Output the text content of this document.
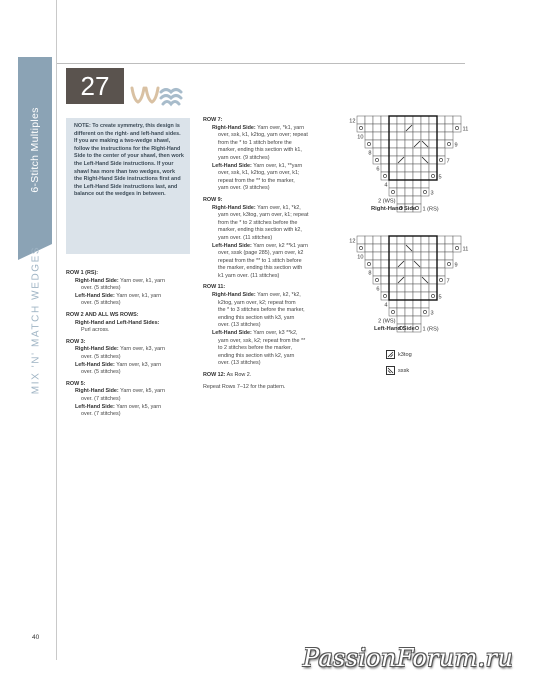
6-Stitch Multiples
MIX 'N' MATCH WEDGES
27

NOTE: To create symmetry, this design is different on the right- and left-hand sides. If you are making a two-wedge shawl, follow the instructions for the Right-Hand Side to the center of your shawl, then work the Left-Hand Side instructions. If your shawl has more than two wedges, work the Right-Hand Side instructions first and the Left-Hand Side instructions last, and balance out the wedges in between.

ROW 1 (RS):
Right-Hand Side: Yarn over, k1, yarn
over. (5 stitches)
Left-Hand Side: Yarn over, k1, yarn
over. (5 stitches)
ROW 2 AND ALL WS ROWS:
Right-Hand and Left-Hand Sides:
Purl across.
ROW 3:
Right-Hand Side: Yarn over, k3, yarn
over. (5 stitches)
Left-Hand Side: Yarn over, k3, yarn
over. (5 stitches)
ROW 5:
Right-Hand Side: Yarn over, k5, yarn
over. (7 stitches)
Left-Hand Side: Yarn over, k5, yarn
over. (7 stitches)
ROW 7:
Right-Hand Side: Yarn over, *k1, yarn
over, ssk, k1, k2tog, yarn over; repeat
from the * to 1 stitch before the
marker, ending this section with k1,
yarn over. (9 stitches)
Left-Hand Side: Yarn over, k1, **yarn
over, ssk, k1, k2tog, yarn over, k1;
repeat from the ** to the marker,
yarn over. (9 stitches)
ROW 9:
Right-Hand Side: Yarn over, k1, *k2,
yarn over, k3tog, yarn over, k1; repeat
from the * to 2 stitches before the
marker, ending this section with k2,
yarn over. (11 stitches)
Left-Hand Side: Yarn over, k2 **k1 yarn
over, sssk (page 285), yarn over, k2
repeat from the ** to 1 stitch before
the marker, ending this section with
k1 yarn over. (11 stitches)
ROW 11:
Right-Hand Side: Yarn over, k2, *k2,
k2tog, yarn over, k2; repeat from
the * to 3 stitches before the marker,
ending this section with k3, yarn
over. (13 stitches)
Left-Hand Side: Yarn over, k3 **k2,
yarn over, ssk, k2; repeat from the **
to 2 stitches before the marker,
ending this section with k2, yarn
over. (13 stitches)
ROW 12: As Row 2.
Repeat Rows 7–12 for the pattern.
12
10
8
6
4
2 (WS)
11
9
7
5
3
1 (RS)
Right-Hand Side
12
10
8
6
4
2 (WS)
11
9
7
5
3
1 (RS)
Left-Hand Side
k3tog
sssk
40
PassionForum.ru
